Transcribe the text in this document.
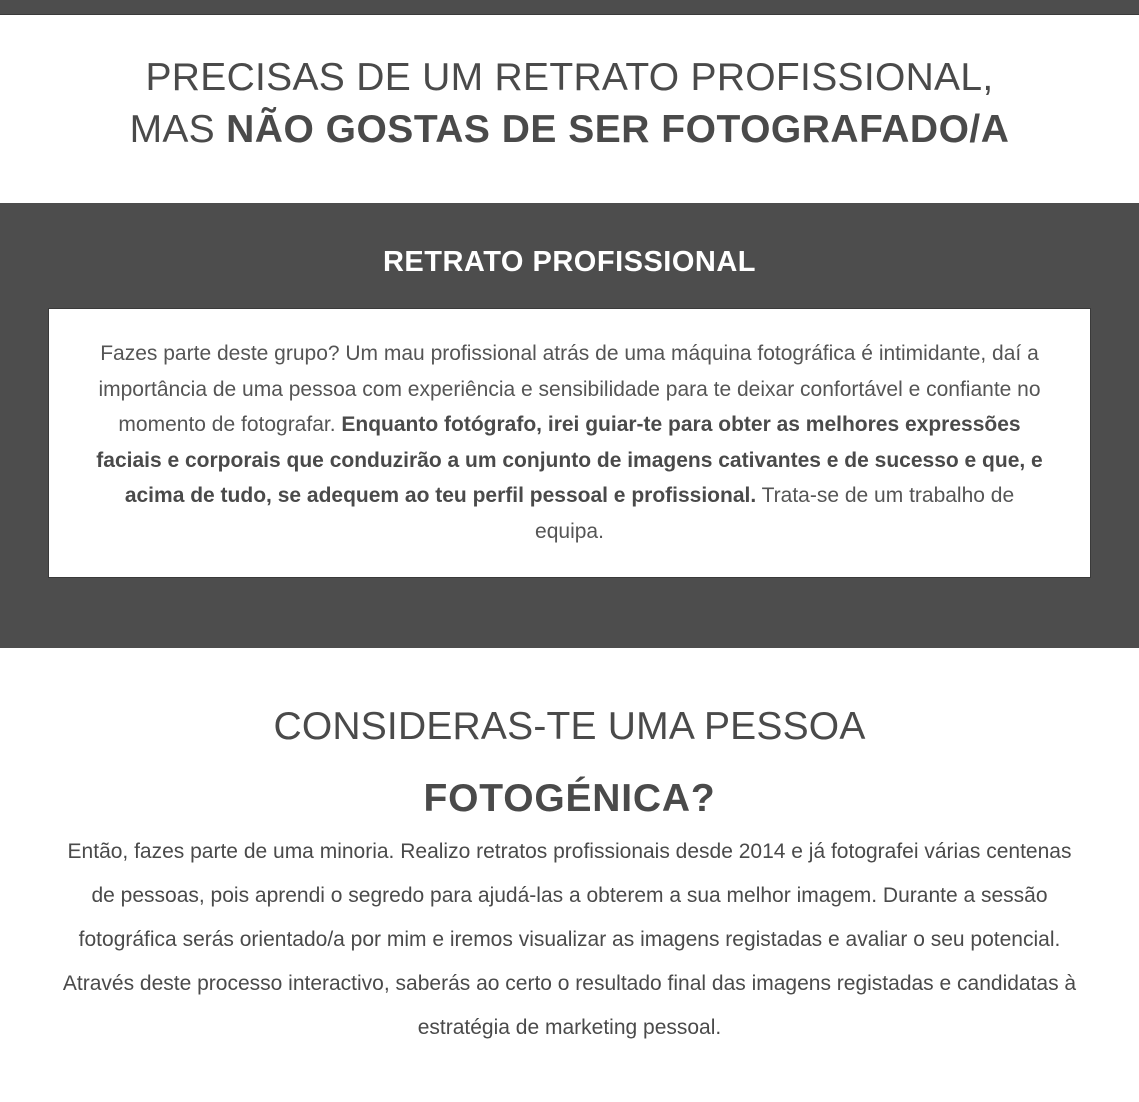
PRECISAS DE UM RETRATO PROFISSIONAL,
MAS NÃO GOSTAS DE SER FOTOGRAFADO/A
RETRATO PROFISSIONAL

Fazes parte deste grupo? Um mau profissional atrás de uma máquina fotográfica é intimidante, daí a importância de uma pessoa com experiência e sensibilidade para te deixar confortável e confiante no momento de fotografar. Enquanto fotógrafo, irei guiar-te para obter as melhores expressões faciais e corporais que conduzirão a um conjunto de imagens cativantes e de sucesso e que, e acima de tudo, se adequem ao teu perfil pessoal e profissional. Trata-se de um trabalho de equipa.

CONSIDERAS-TE UMA PESSOA
FOTOGÉNICA?

Então, fazes parte de uma minoria. Realizo retratos profissionais desde 2014 e já fotografei várias centenas de pessoas, pois aprendi o segredo para ajudá-las a obterem a sua melhor imagem. Durante a sessão fotográfica serás orientado/a por mim e iremos visualizar as imagens registadas e avaliar o seu potencial. Através deste processo interactivo, saberás ao certo o resultado final das imagens registadas e candidatas à estratégia de marketing pessoal.
